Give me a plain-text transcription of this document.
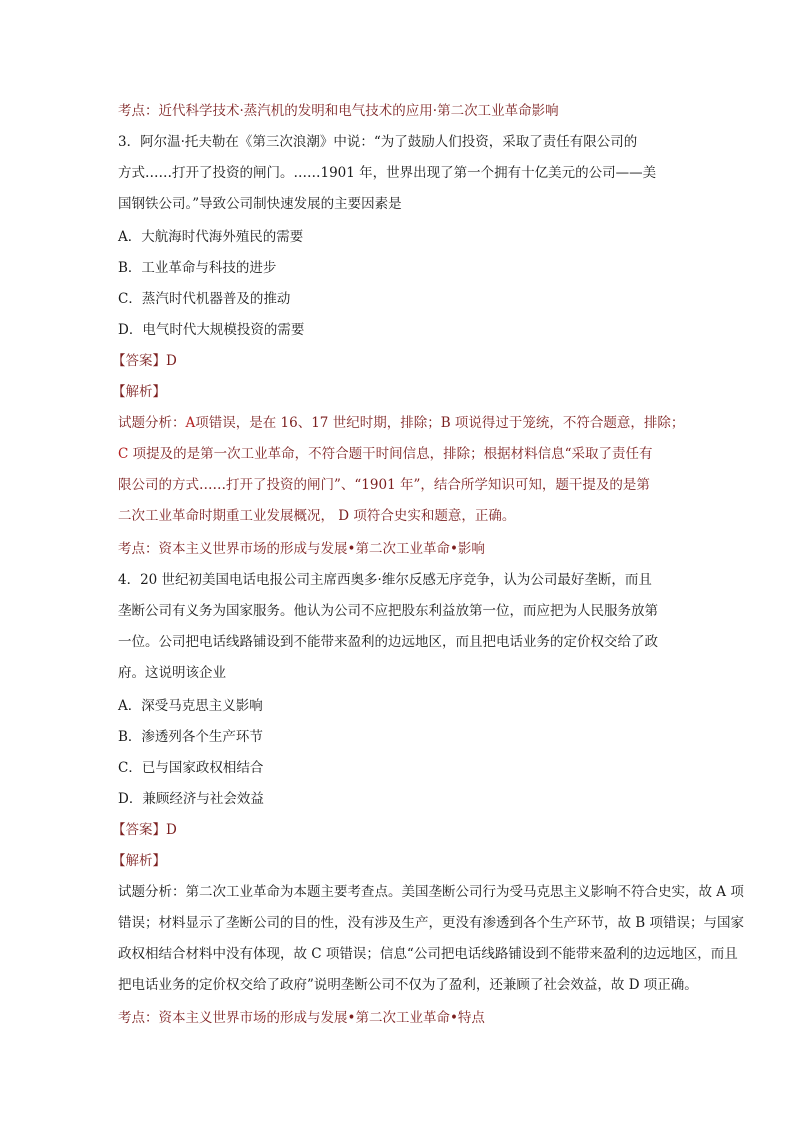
考点：近代科学技术·蒸汽机的发明和电气技术的应用·第二次工业革命影响
3．阿尔温·托夫勒在《第三次浪潮》中说：“为了鼓励人们投资，采取了责任有限公司的
方式……打开了投资的闸门。……1901 年，世界出现了第一个拥有十亿美元的公司——美
国钢铁公司。”导致公司制快速发展的主要因素是
A．大航海时代海外殖民的需要
B．工业革命与科技的进步
C．蒸汽时代机器普及的推动
D．电气时代大规模投资的需要
【答案】D
【解析】
试题分析：A项错误，是在 16、17 世纪时期，排除；B 项说得过于笼统，不符合题意，排除；
C 项提及的是第一次工业革命，不符合题干时间信息，排除；根据材料信息“采取了责任有
限公司的方式……打开了投资的闸门”、“1901 年”，结合所学知识可知，题干提及的是第
二次工业革命时期重工业发展概况， D 项符合史实和题意，正确。
考点：资本主义世界市场的形成与发展•第二次工业革命•影响
4．20 世纪初美国电话电报公司主席西奥多·维尔反感无序竞争，认为公司最好垄断，而且
垄断公司有义务为国家服务。他认为公司不应把股东利益放第一位，而应把为人民服务放第
一位。公司把电话线路铺设到不能带来盈利的边远地区，而且把电话业务的定价权交给了政
府。这说明该企业
A．深受马克思主义影响
B．渗透列各个生产环节
C．已与国家政权相结合
D．兼顾经济与社会效益
【答案】D
【解析】
试题分析：第二次工业革命为本题主要考查点。美国垄断公司行为受马克思主义影响不符合史实，故 A 项
错误；材料显示了垄断公司的目的性，没有涉及生产，更没有渗透到各个生产环节，故 B 项错误；与国家
政权相结合材料中没有体现，故 C 项错误；信息“公司把电话线路铺设到不能带来盈利的边远地区，而且
把电话业务的定价权交给了政府”说明垄断公司不仅为了盈利，还兼顾了社会效益，故 D 项正确。
考点：资本主义世界市场的形成与发展•第二次工业革命•特点
